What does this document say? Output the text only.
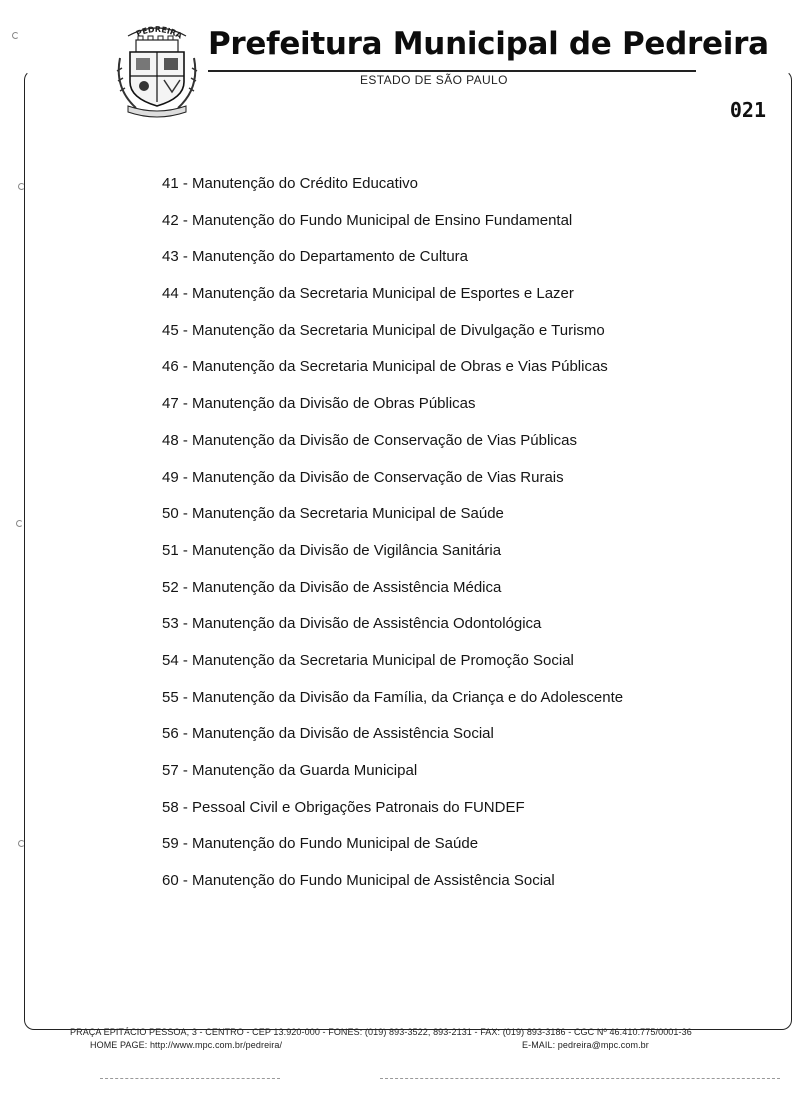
PEDREIRA Prefeitura Municipal de Pedreira
ESTADO DE SÃO PAULO
021
41 - Manutenção do Crédito Educativo
42 - Manutenção do Fundo Municipal de Ensino Fundamental
43 - Manutenção do Departamento de Cultura
44 - Manutenção da Secretaria Municipal de Esportes e Lazer
45 - Manutenção da Secretaria Municipal de Divulgação e Turismo
46 - Manutenção da Secretaria Municipal de Obras e Vias Públicas
47 - Manutenção da Divisão de Obras Públicas
48 - Manutenção da Divisão de Conservação de Vias Públicas
49 - Manutenção da Divisão de Conservação de Vias Rurais
50 - Manutenção da Secretaria Municipal de Saúde
51 - Manutenção da Divisão de Vigilância Sanitária
52 - Manutenção da Divisão de Assistência Médica
53 - Manutenção da Divisão de Assistência Odontológica
54 - Manutenção da Secretaria Municipal de Promoção Social
55 - Manutenção da Divisão da Família, da Criança e do Adolescente
56 - Manutenção da Divisão de Assistência Social
57 - Manutenção da Guarda Municipal
58 - Pessoal Civil e Obrigações Patronais do FUNDEF
59 - Manutenção do Fundo Municipal de Saúde
60 - Manutenção do Fundo Municipal de Assistência Social
PRAÇA EPITÁCIO PESSOA, 3 - CENTRO - CEP 13.920-000 - FONES: (019) 893-3522, 893-2131 - FAX: (019) 893-3186 - CGC Nº 46.410.775/0001-36
HOME PAGE: http://www.mpc.com.br/pedreira/	E-MAIL: pedreira@mpc.com.br
